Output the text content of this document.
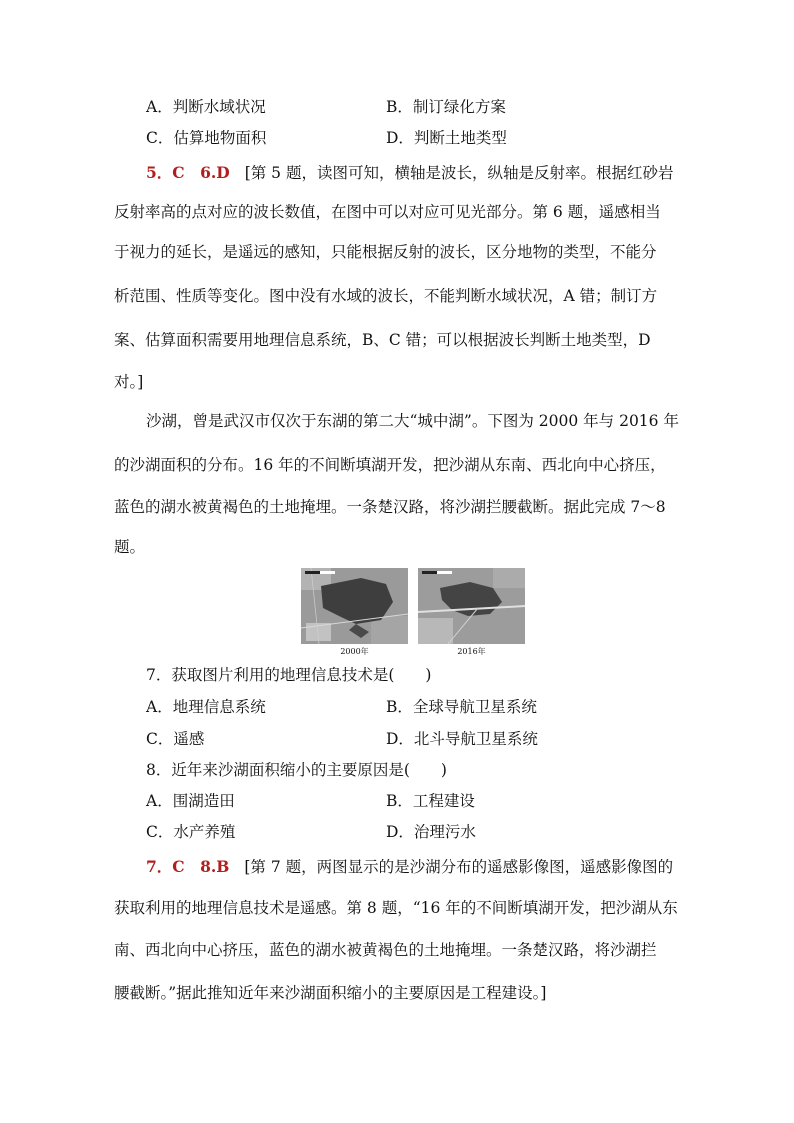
A．判断水域状况	B．制订绿化方案
C．估算地物面积	D．判断土地类型
5．C　6.D [第 5 题，读图可知，横轴是波长，纵轴是反射率。根据红砂岩
反射率高的点对应的波长数值，在图中可以对应可见光部分。第 6 题，遥感相当
于视力的延长，是遥远的感知，只能根据反射的波长，区分地物的类型，不能分
析范围、性质等变化。图中没有水域的波长，不能判断水域状况，A 错；制订方
案、估算面积需要用地理信息系统，B、C 错；可以根据波长判断土地类型，D
对。]
沙湖，曾是武汉市仅次于东湖的第二大“城中湖”。下图为 2000 年与 2016 年
的沙湖面积的分布。16 年的不间断填湖开发，把沙湖从东南、西北向中心挤压，
蓝色的湖水被黄褐色的土地掩埋。一条楚汉路，将沙湖拦腰截断。据此完成 7～8
题。
2000年	2016年
7．获取图片利用的地理信息技术是(　　)
A．地理信息系统	B．全球导航卫星系统
C．遥感	D．北斗导航卫星系统
8．近年来沙湖面积缩小的主要原因是(　　)
A．围湖造田	B．工程建设
C．水产养殖	D．治理污水
7．C　8.B [第 7 题，两图显示的是沙湖分布的遥感影像图，遥感影像图的
获取利用的地理信息技术是遥感。第 8 题，“16 年的不间断填湖开发，把沙湖从东
南、西北向中心挤压，蓝色的湖水被黄褐色的土地掩埋。一条楚汉路，将沙湖拦
腰截断。”据此推知近年来沙湖面积缩小的主要原因是工程建设。]
